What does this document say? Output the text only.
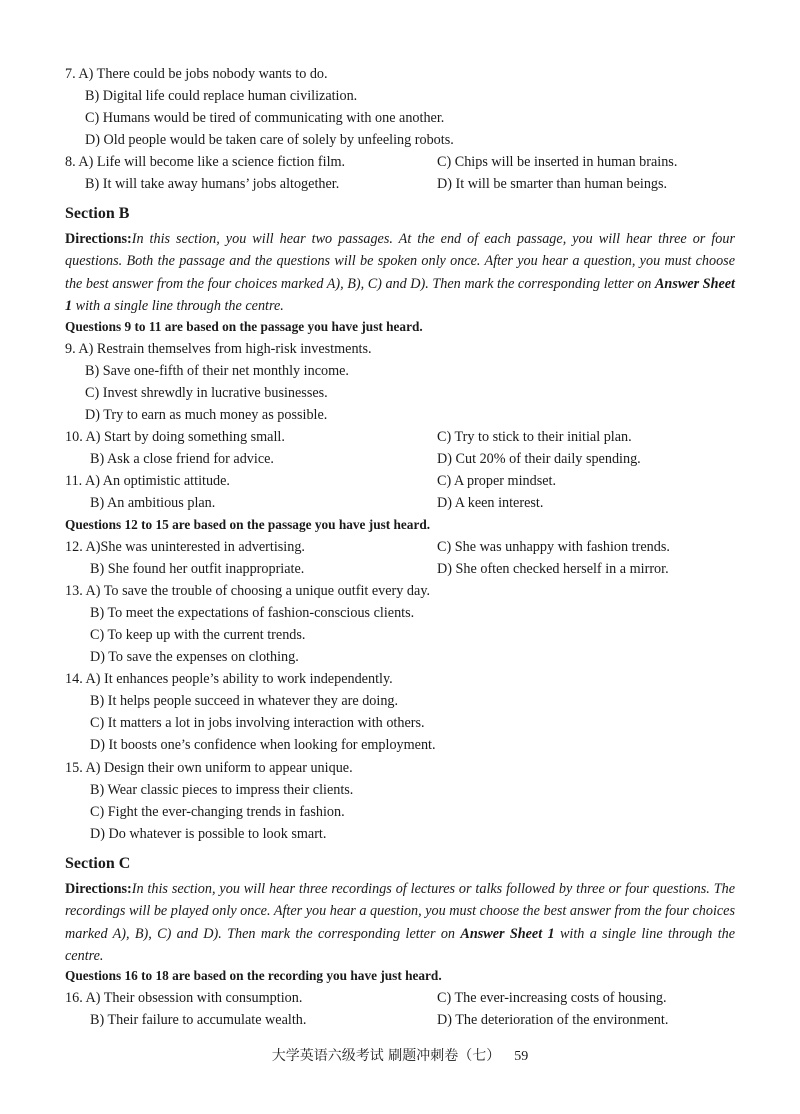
7. A) There could be jobs nobody wants to do.
B) Digital life could replace human civilization.
C) Humans would be tired of communicating with one another.
D) Old people would be taken care of solely by unfeeling robots.
8. A) Life will become like a science fiction film.	C) Chips will be inserted in human brains.
B) It will take away humans’ jobs altogether.	D) It will be smarter than human beings.
Section B
Directions:In this section, you will hear two passages. At the end of each passage, you will hear three or four questions. Both the passage and the questions will be spoken only once. After you hear a question, you must choose the best answer from the four choices marked A), B), C) and D). Then mark the corresponding letter on Answer Sheet 1 with a single line through the centre.
Questions 9 to 11 are based on the passage you have just heard.
9. A) Restrain themselves from high-risk investments.
B) Save one-fifth of their net monthly income.
C) Invest shrewdly in lucrative businesses.
D) Try to earn as much money as possible.
10. A) Start by doing something small.	C) Try to stick to their initial plan.
B) Ask a close friend for advice.	D) Cut 20% of their daily spending.
11. A) An optimistic attitude.	C) A proper mindset.
B) An ambitious plan.	D) A keen interest.
Questions 12 to 15 are based on the passage you have just heard.
12. A)She was uninterested in advertising.	C) She was unhappy with fashion trends.
B) She found her outfit inappropriate.	D) She often checked herself in a mirror.
13. A) To save the trouble of choosing a unique outfit every day.
B) To meet the expectations of fashion-conscious clients.
C) To keep up with the current trends.
D) To save the expenses on clothing.
14. A) It enhances people’s ability to work independently.
B) It helps people succeed in whatever they are doing.
C) It matters a lot in jobs involving interaction with others.
D) It boosts one’s confidence when looking for employment.
15. A) Design their own uniform to appear unique.
B) Wear classic pieces to impress their clients.
C) Fight the ever-changing trends in fashion.
D) Do whatever is possible to look smart.
Section C
Directions:In this section, you will hear three recordings of lectures or talks followed by three or four questions. The recordings will be played only once. After you hear a question, you must choose the best answer from the four choices marked A), B), C) and D). Then mark the corresponding letter on Answer Sheet 1 with a single line through the centre.
Questions 16 to 18 are based on the recording you have just heard.
16. A) Their obsession with consumption.	C) The ever-increasing costs of housing.
B) Their failure to accumulate wealth.	D) The deterioration of the environment.
大学英语六级考试 刷题冲刺卷（七） 59
